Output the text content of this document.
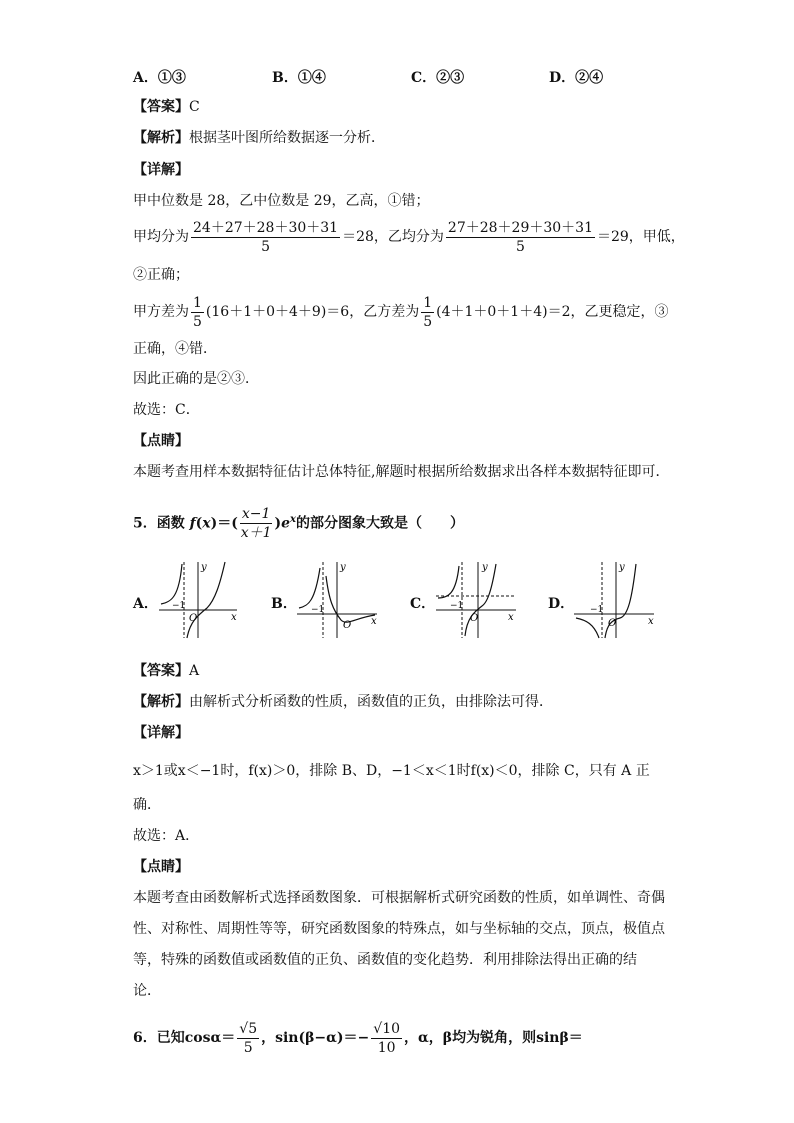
A．①③	B．①④	C．②③	D．②④
【答案】C
【解析】根据茎叶图所给数据逐一分析．
【详解】
甲中位数是 28，乙中位数是 29，乙高，①错；
甲均分为 $\frac{24+27+28+30+31}{5} =28$，乙均分为 $\frac{27+28+29+30+31}{5} =29$，甲低，
②正确；
甲方差为 $\frac{1}{5} (16+1+0+4+9)=6$，乙方差为 $\frac{1}{5} (4+1+0+1+4)=2$，乙更稳定，③
正确，④错．
因此正确的是②③．
故选：C．
【点睛】
本题考查用样本数据特征估计总体特征,解题时根据所给数据求出各样本数据特征即可．
5．函数 $f(x)=( \frac{x-1}{x+1} )e^x$的部分图象大致是（　　）
A． −1
O	x
y
B． −1
O x
y
C． −1
O	x
y
D． −1
O	x
y
【答案】A
【解析】由解析式分析函数的性质，函数值的正负，由排除法可得．
【详解】
x＞1或x＜−1时，f(x)＞0，排除 B、D，−1＜x＜1时f(x)＜0，排除 C，只有 A 正
确．
故选：A．
【点睛】
本题考查由函数解析式选择函数图象．可根据解析式研究函数的性质，如单调性、奇偶
性、对称性、周期性等等，研究函数图象的特殊点，如与坐标轴的交点，顶点，极值点
等，特殊的函数值或函数值的正负、函数值的变化趋势．利用排除法得出正确的结
论．
6．已知$\cos\alpha= \frac{√5}{5}$ ，$\sin(\beta-\alpha)=- \frac{√10}{10}$ ，α，β均为锐角，则sinβ＝
